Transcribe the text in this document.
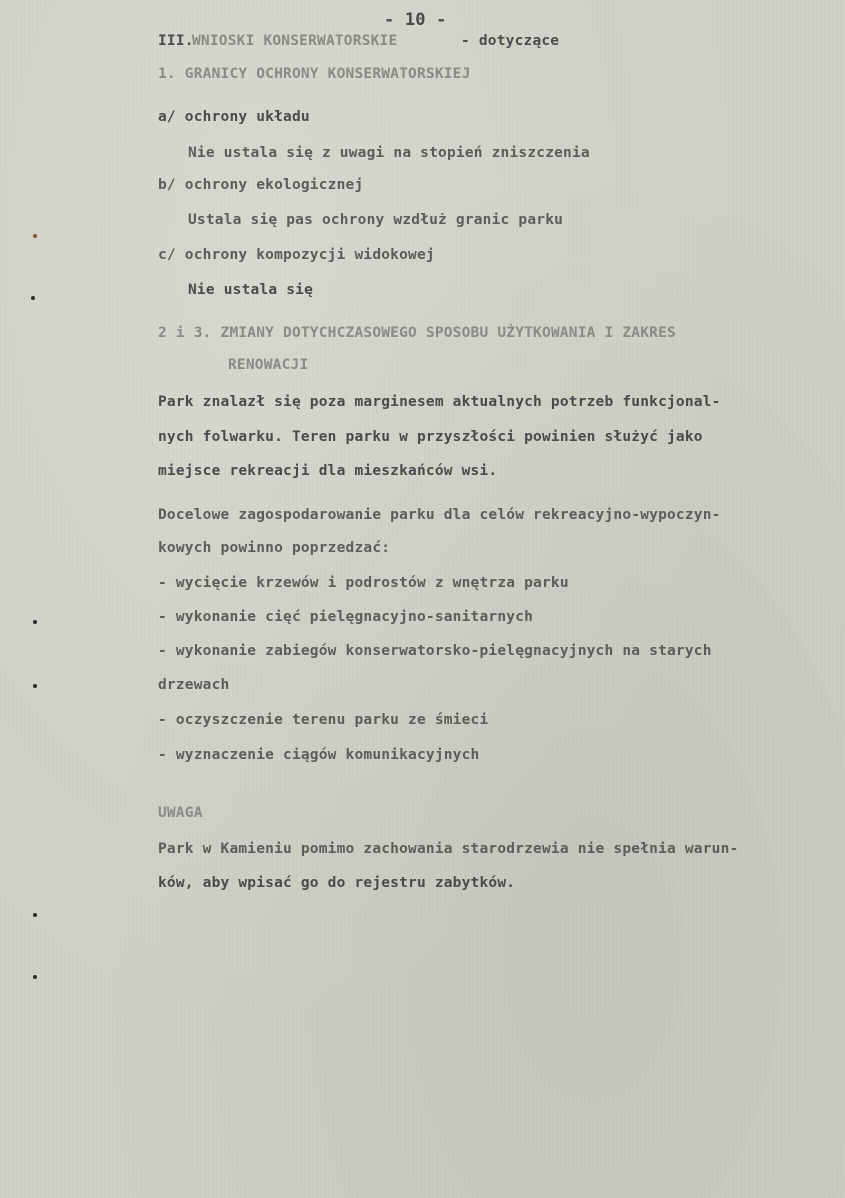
- 10 -
III.
WNIOSKI KONSERWATORSKIE	- dotyczące
1. GRANICY OCHRONY KONSERWATORSKIEJ
a/ ochrony układu
Nie ustala się z uwagi na stopień zniszczenia
b/ ochrony ekologicznej
Ustala się pas ochrony wzdłuż granic parku
c/ ochrony kompozycji widokowej
Nie ustala się
2 i 3. ZMIANY DOTYCHCZASOWEGO SPOSOBU UŻYTKOWANIA I ZAKRES
RENOWACJI
Park znalazł się poza marginesem aktualnych potrzeb funkcjonal-
nych folwarku. Teren parku w przyszłości powinien służyć jako
miejsce rekreacji dla mieszkańców wsi.
Docelowe zagospodarowanie parku dla celów rekreacyjno-wypoczyn-
kowych powinno poprzedzać:
- wycięcie krzewów i podrostów z wnętrza parku
- wykonanie cięć pielęgnacyjno-sanitarnych
- wykonanie zabiegów konserwatorsko-pielęgnacyjnych na starych
drzewach
- oczyszczenie terenu parku ze śmieci
- wyznaczenie ciągów komunikacyjnych
UWAGA
Park w Kamieniu pomimo zachowania starodrzewia nie spełnia warun-
ków, aby wpisać go do rejestru zabytków.
